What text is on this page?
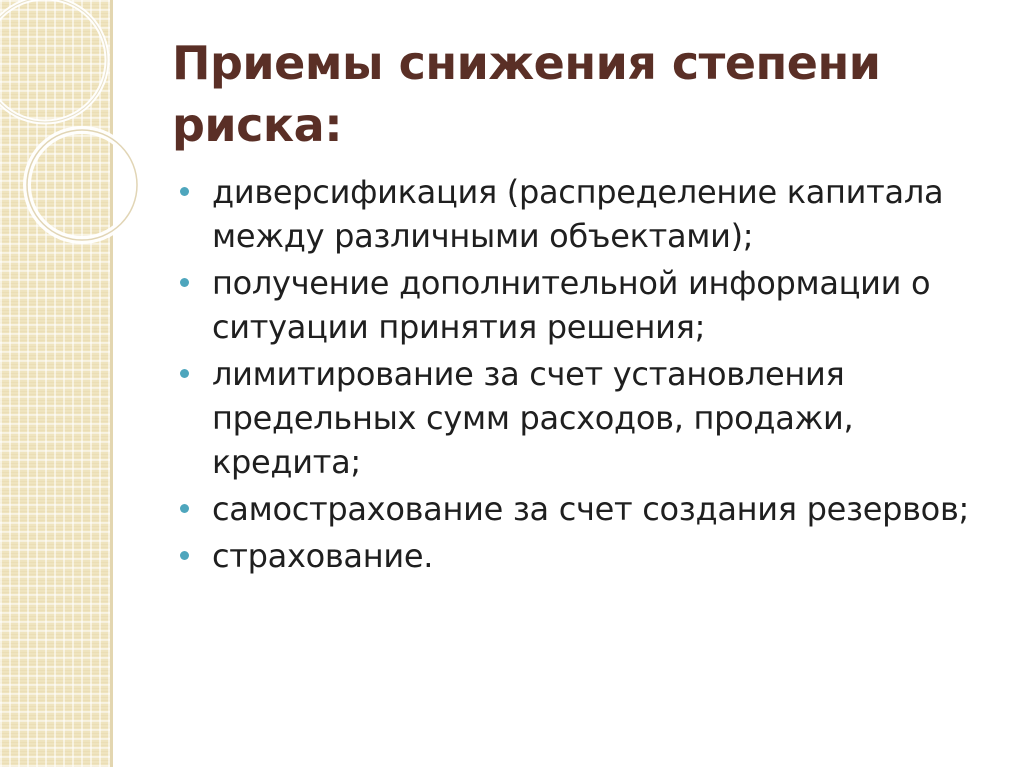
Приемы снижения степени риска:
диверсификация (распределение капитала между различными объектами);
получение дополнительной информации о ситуации принятия решения;
лимитирование за счет установления предельных сумм расходов, продажи, кредита;
самострахование за счет создания резервов;
страхование.
